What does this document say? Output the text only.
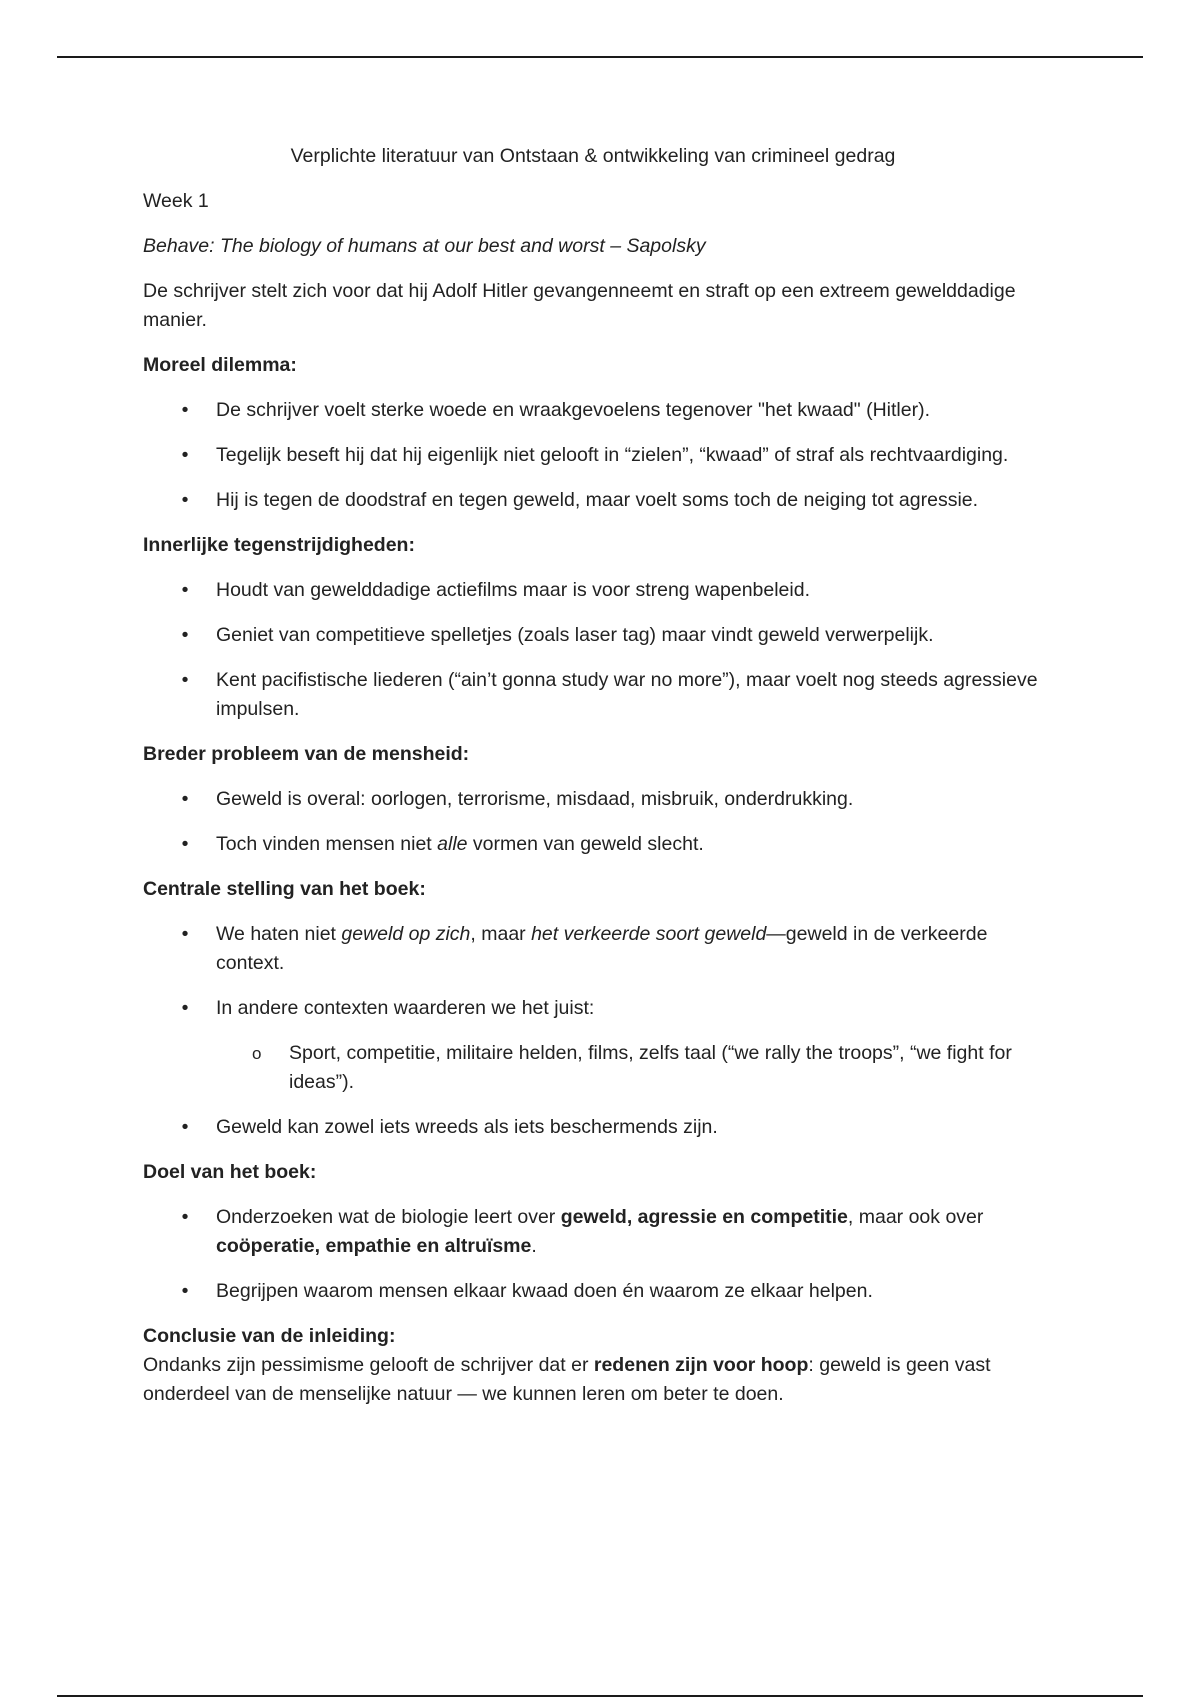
Verplichte literatuur van Ontstaan & ontwikkeling van crimineel gedrag

Week 1

Behave: The biology of humans at our best and worst – Sapolsky

De schrijver stelt zich voor dat hij Adolf Hitler gevangenneemt en straft op een extreem gewelddadige manier.

Moreel dilemma:
• De schrijver voelt sterke woede en wraakgevoelens tegenover "het kwaad" (Hitler).
• Tegelijk beseft hij dat hij eigenlijk niet gelooft in “zielen”, “kwaad” of straf als rechtvaardiging.
• Hij is tegen de doodstraf en tegen geweld, maar voelt soms toch de neiging tot agressie.
Innerlijke tegenstrijdigheden:
• Houdt van gewelddadige actiefilms maar is voor streng wapenbeleid.
• Geniet van competitieve spelletjes (zoals laser tag) maar vindt geweld verwerpelijk.
• Kent pacifistische liederen (“ain’t gonna study war no more”), maar voelt nog steeds agressieve impulsen.
Breder probleem van de mensheid:
• Geweld is overal: oorlogen, terrorisme, misdaad, misbruik, onderdrukking.
• Toch vinden mensen niet alle vormen van geweld slecht.
Centrale stelling van het boek:
• We haten niet geweld op zich, maar het verkeerde soort geweld—geweld in de verkeerde context.
• In andere contexten waarderen we het juist:
o Sport, competitie, militaire helden, films, zelfs taal (“we rally the troops”, “we fight for ideas”).
• Geweld kan zowel iets wreeds als iets beschermends zijn.
Doel van het boek:
• Onderzoeken wat de biologie leert over geweld, agressie en competitie, maar ook over coöperatie, empathie en altruïsme.
• Begrijpen waarom mensen elkaar kwaad doen én waarom ze elkaar helpen.
Conclusie van de inleiding:

Ondanks zijn pessimisme gelooft de schrijver dat er redenen zijn voor hoop: geweld is geen vast onderdeel van de menselijke natuur — we kunnen leren om beter te doen.
